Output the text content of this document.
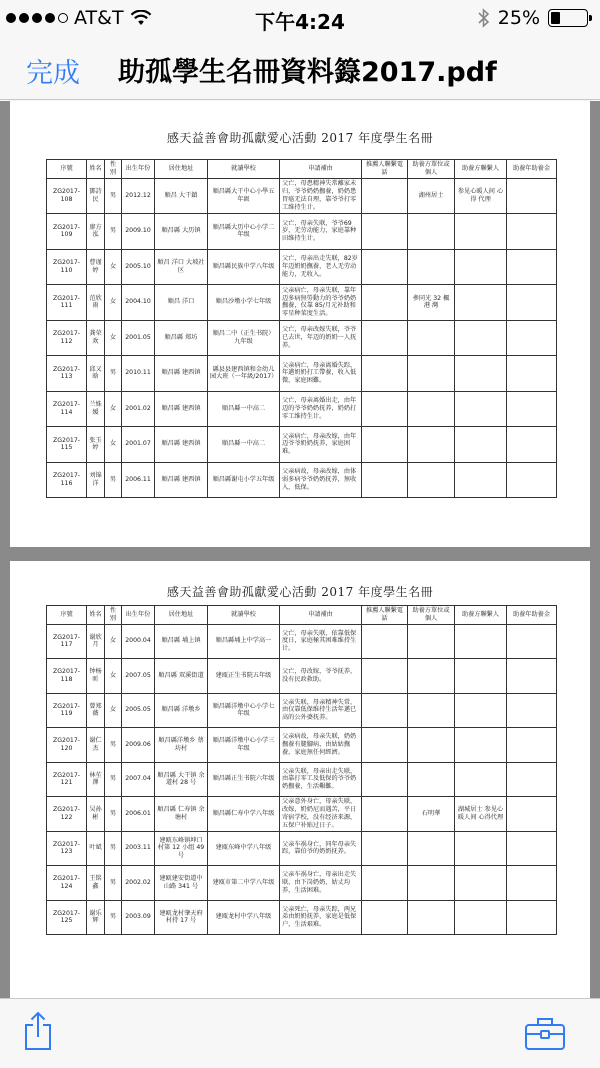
AT&T	下午4:24	25%
完成 助孤學生名冊資料籙2017.pdf
感天益善會助孤獻愛心活動 2017 年度學生名冊
序號	姓名	性別	出生年份	居住地址	就讀學校	申請補由	推薦人聯繫電話	助養方單位或個人	助養方聯繫人	助養年助養金
ZG2017-108	鄧詩民	男	2012.12	順昌 大干鎮	順昌縣大干中心小學五年級	父亡，母患精神失常離家未归，爷爷奶奶撫養，奶奶患胃癌无法自理，靠爷爷打零工维持生计。		湖州居士	参见心暖人间 心得 代理	
ZG2017-109	廖方泓	男	2009.10	順昌縣 大历镇	順昌縣大历中心小学二年级	父亡，母亲失联，爷爷69岁，无劳动能力，家庭靠种田维持生计。				
ZG2017-110	曹谨婷	女	2005.10	順昌 洋口 大坡社区	順昌縣民族中学八年级	父亡，母亲出走失联，82岁年迈奶奶撫養，老人无劳动能力，无收入。				
ZG2017-111	范欣雨	女	2004.10	順昌 洋口	順昌沙墩小学七年级	父亲病亡，母亲失联，靠年迈多病無勞動力的爷爷奶奶撫養，仅靠 85/月元补助和零星种菜度生活。		參同光 32 楓港 灣		
ZG2017-112	龚荣欢	女	2001.05	順昌縣 郑坊	順昌二中（正生书院）九年级	父亡，母亲改嫁失联，爷爷已去世，年迈的奶奶一人抚养。				
ZG2017-113	邱又晗	男	2010.11	順昌縣 建西镇	縣县县建西镇和金幼儿园大班（一年級/2017）	父亲病亡，母亲离婚失踪，年邁奶奶打工帶養，收入低微，家庭困難。				
ZG2017-114	兰姝媛	女	2001.02	順昌縣 建西镇	順昌縣一中高二	父亡，母亲离婚出走，由年迈的爷爷奶奶抚养，奶奶打零工维持生计。				
ZG2017-115	张玉婷	女	2001.07	順昌縣 建西镇	順昌縣一中高二	父亲病亡，母亲改嫁，由年迈爷爷奶奶抚养，家庭困难。				
ZG2017-116	刘锦洋	男	2006.11	順昌縣 建西镇	順昌縣谢屯小学五年级	父亲病故，母亲改嫁，由体弱多病爷爷奶奶抚养，無收入，低保。				
感天益善會助孤獻愛心活動 2017 年度學生名冊
序號	姓名	性別	出生年份	居住地址	就讀學校	申請補由	推薦人聯繫電話	助養方單位或個人	助養方聯繫人	助養年助養金
ZG2017-117	谢欣月	女	2000.04	順昌縣 埔上镇	順昌縣埔上中学高一	父亡，母亲失联，依靠低保度日，家庭極其困难维持生计。				
ZG2017-118	钟杨昕	女	2007.05	順昌縣 双溪街道	建瓯正生书院五年级	父亡，母改嫁，爷爷抚养，没有民政救助。				
ZG2017-119	曾郑薇	女	2005.05	順昌縣 洋墩乡	順昌縣洋墩中心小学七年级	父亲失联，母亲精神失常，由仅靠低保维持生活年邁已高的公外婆抚养。				
ZG2017-120	谢仁杰	男	2009.06	順昌縣洋墩乡 蔡坊村	順昌縣洋墩中心小学三年级	父亲病故，母亲失联，奶奶撫養有腿腳病，由姑姑撫養，家庭無任何經濟。				
ZG2017-121	林苼澤	男	2007.04	順昌縣 大干镇 余道村 28 号	順昌縣正生书院六年级	父亲失联，母亲出走失联，由靠打零工及低保的爷爷奶奶撫養，生活艱難。				
ZG2017-122	吴孙彬	男	2006.01	順昌縣 仁寿镇 余塘村	順昌縣仁寿中学八年级	父亲意外身亡，母亲失联，改嫁，奶奶尼而遇苦，平日寄宿学校，没有经济来源，五保户补贴过日子。		石明華	湖城居士 参见心暖人间 心得代理	
ZG2017-123	叶斌	男	2003.11	建瓯东峰镇坤口村第 12 小组 49 号	建瓯东峰中学八年级	父亲车祸身亡，同年母亲失踪，靠伯爷的奶奶抚养。				
ZG2017-124	王铭鑫	男	2002.02	建瓯建安街道中山路 341 号	建瓯市第二中学八年级	父亲车祸身亡，母亲出走失联，由下岗奶奶、姑丈均养，生活困难。				
ZG2017-125	谢乐辉	男	2003.09	建瓯龙村肇天府村持 17 号	建瓯龙村中学八年级	父亲死亡，母亲失踪，两兄弟由奶奶抚养，家庭是低保户，生活艰难。				
